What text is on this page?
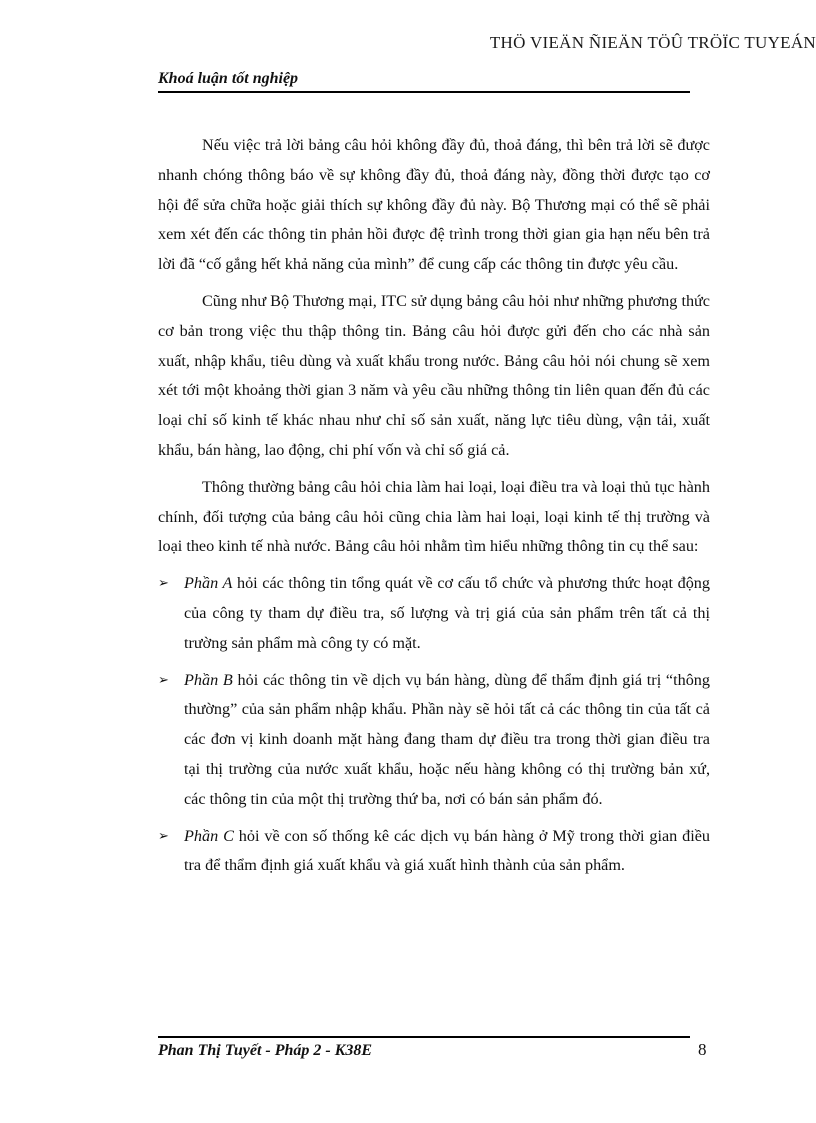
THÖ VIEÄN ÑIEÄN TÖÛ TRÖÏC TUYEÁN
Khoá luận tốt nghiệp

Nếu việc trả lời bảng câu hỏi không đầy đủ, thoả đáng, thì bên trả lời sẽ được nhanh chóng thông báo về sự không đầy đủ, thoả đáng này, đồng thời được tạo cơ hội để sửa chữa hoặc giải thích sự không đầy đủ này. Bộ Thương mại có thể sẽ phải xem xét đến các thông tin phản hồi được đệ trình trong thời gian gia hạn nếu bên trả lời đã “cố gắng hết khả năng của mình” để cung cấp các thông tin được yêu cầu.

Cũng như Bộ Thương mại, ITC sử dụng bảng câu hỏi như những phương thức cơ bản trong việc thu thập thông tin. Bảng câu hỏi được gửi đến cho các nhà sản xuất, nhập khẩu, tiêu dùng và xuất khẩu trong nước. Bảng câu hỏi nói chung sẽ xem xét tới một khoảng thời gian 3 năm và yêu cầu những thông tin liên quan đến đủ các loại chỉ số kinh tế khác nhau như chỉ số sản xuất, năng lực tiêu dùng, vận tải, xuất khẩu, bán hàng, lao động, chi phí vốn và chỉ số giá cả.

Thông thường bảng câu hỏi chia làm hai loại, loại điều tra và loại thủ tục hành chính, đối tượng của bảng câu hỏi cũng chia làm hai loại, loại kinh tế thị trường và loại theo kinh tế nhà nước. Bảng câu hỏi nhằm tìm hiểu những thông tin cụ thể sau:

➢ Phần A hỏi các thông tin tổng quát về cơ cấu tổ chức và phương thức hoạt động của công ty tham dự điều tra, số lượng và trị giá của sản phẩm trên tất cả thị trường sản phẩm mà công ty có mặt.
➢ Phần B hỏi các thông tin về dịch vụ bán hàng, dùng để thẩm định giá trị “thông thường” của sản phẩm nhập khẩu. Phần này sẽ hỏi tất cả các thông tin của tất cả các đơn vị kinh doanh mặt hàng đang tham dự điều tra trong thời gian điều tra tại thị trường của nước xuất khẩu, hoặc nếu hàng không có thị trường bản xứ, các thông tin của một thị trường thứ ba, nơi có bán sản phẩm đó.
➢ Phần C hỏi về con số thống kê các dịch vụ bán hàng ở Mỹ trong thời gian điều tra để thẩm định giá xuất khẩu và giá xuất hình thành của sản phẩm.
Phan Thị Tuyết - Pháp 2 - K38E	8
